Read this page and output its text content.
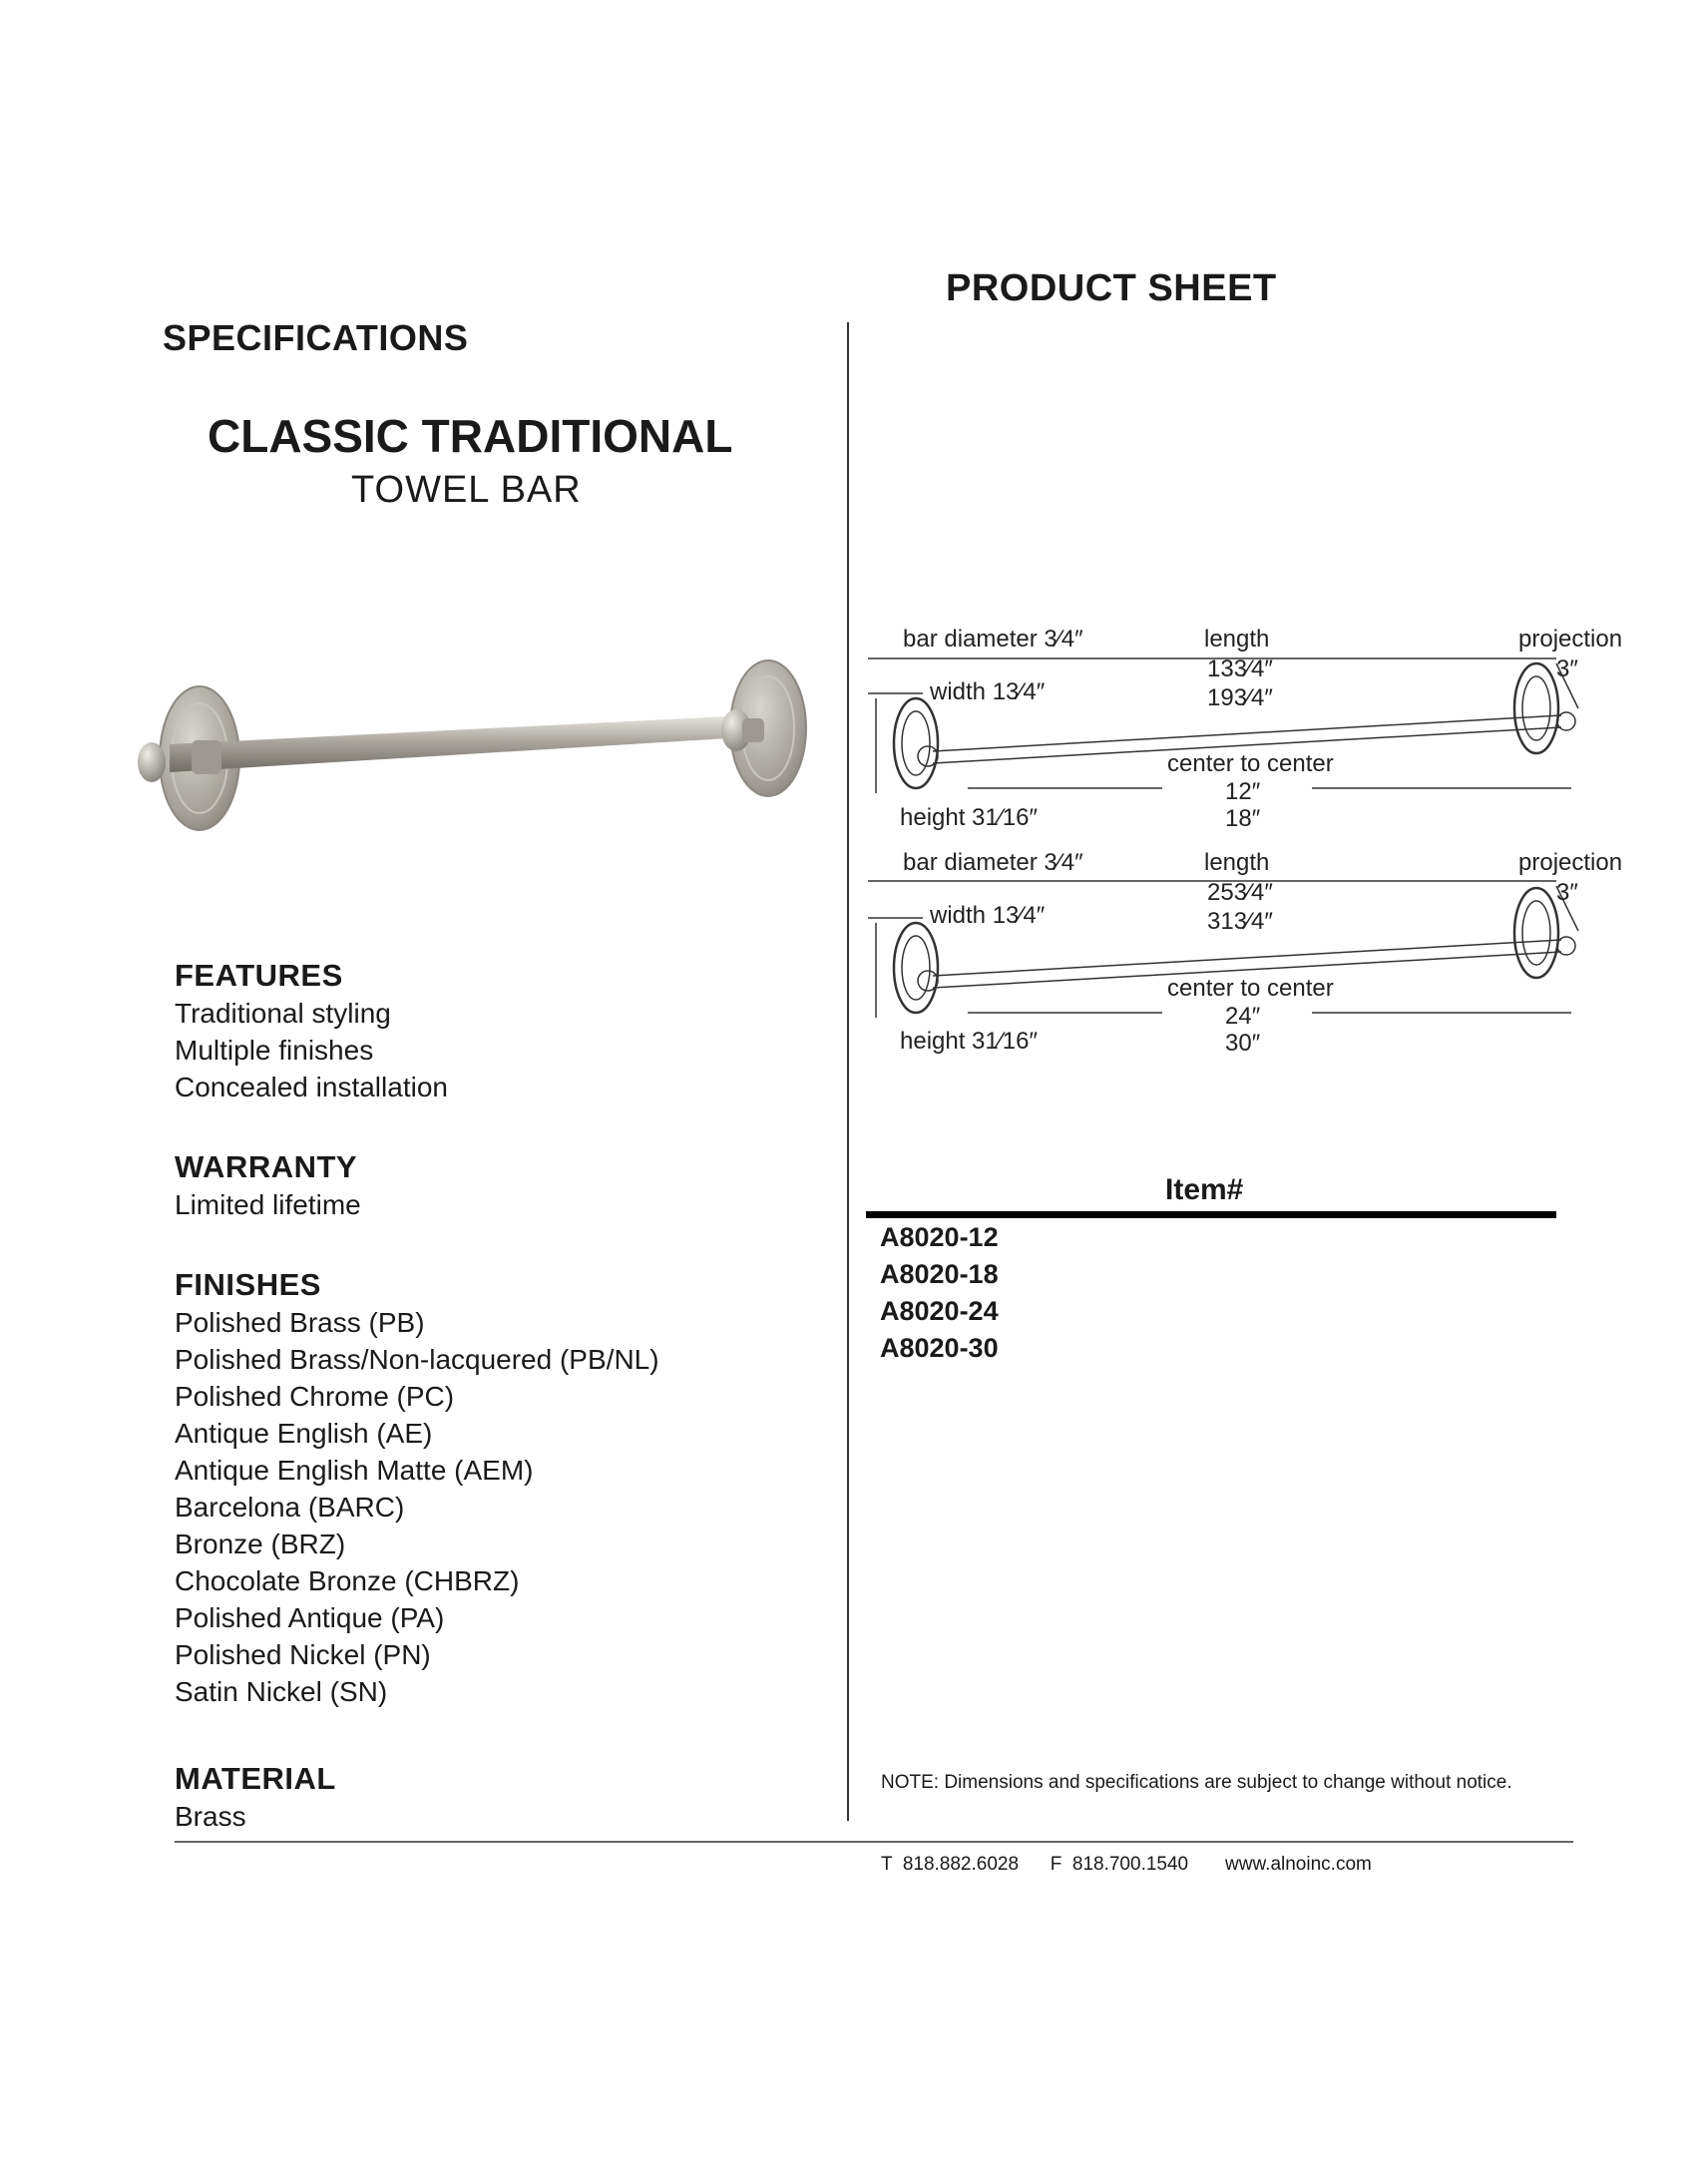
PRODUCT SHEET
SPECIFICATIONS
CLASSIC TRADITIONAL
TOWEL BAR
bar diameter 3⁄4″	length
133⁄4″
193⁄4″
projection
3″
width 13⁄4″
center to center
12″
18″
height 31⁄16″
bar diameter 3⁄4″	length
253⁄4″
313⁄4″
projection
3″
width 13⁄4″
center to center
24″
30″
height 31⁄16″
FEATURES
Traditional styling
Multiple finishes
Concealed installation
WARRANTY
Limited lifetime
FINISHES
Polished Brass (PB)
Polished Brass/Non-lacquered (PB/NL)
Polished Chrome (PC)
Antique English (AE)
Antique English Matte (AEM)
Barcelona (BARC)
Bronze (BRZ)
Chocolate Bronze (CHBRZ)
Polished Antique (PA)
Polished Nickel (PN)
Satin Nickel (SN)
MATERIAL
Brass
Item#
A8020-12
A8020-18
A8020-24
A8020-30
NOTE: Dimensions and specifications are subject to change without notice.
T  818.882.6028      F  818.700.1540       www.alnoinc.com
